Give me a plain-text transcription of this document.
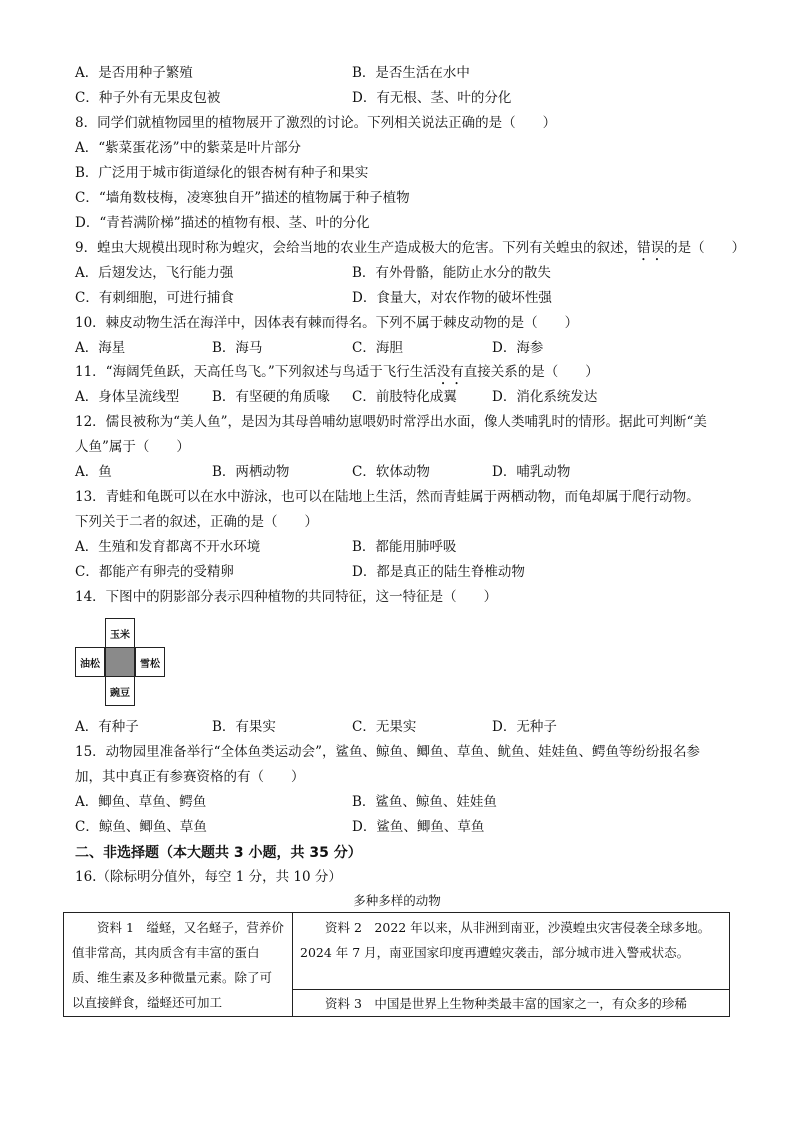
A．是否用种子繁殖	B．是否生活在水中
C．种子外有无果皮包被	D．有无根、茎、叶的分化
8．同学们就植物园里的植物展开了激烈的讨论。下列相关说法正确的是（　　）
A．“紫菜蛋花汤”中的紫菜是叶片部分
B．广泛用于城市街道绿化的银杏树有种子和果实
C．“墙角数枝梅，凌寒独自开”描述的植物属于种子植物
D．“青苔满阶梯”描述的植物有根、茎、叶的分化
9．蝗虫大规模出现时称为蝗灾，会给当地的农业生产造成极大的危害。下列有关蝗虫的叙述，错误的是（　　）
A．后翅发达，飞行能力强	B．有外骨骼，能防止水分的散失
C．有刺细胞，可进行捕食	D．食量大，对农作物的破坏性强
10．棘皮动物生活在海洋中，因体表有棘而得名。下列不属于棘皮动物的是（　　）
A．海星	B．海马	C．海胆	D．海参
11．“海阔凭鱼跃，天高任鸟飞。”下列叙述与鸟适于飞行生活没有直接关系的是（　　）
A．身体呈流线型 B．有坚硬的角质喙 C．前肢特化成翼	D．消化系统发达
12．儒艮被称为“美人鱼”，是因为其母兽哺幼崽喂奶时常浮出水面，像人类哺乳时的情形。据此可判断“美
人鱼”属于（　　）
A．鱼	B．两栖动物	C．软体动物	D．哺乳动物
13．青蛙和龟既可以在水中游泳，也可以在陆地上生活，然而青蛙属于两栖动物，而龟却属于爬行动物。
下列关于二者的叙述，正确的是（　　）
A．生殖和发育都离不开水环境	B．都能用肺呼吸
C．都能产有卵壳的受精卵	D．都是真正的陆生脊椎动物
14．下图中的阴影部分表示四种植物的共同特征，这一特征是（　　）
玉米
油松	雪松
豌豆
A．有种子	B．有果实	C．无果实	D．无种子
15．动物园里准备举行“全体鱼类运动会”，鲨鱼、鲸鱼、鲫鱼、草鱼、鱿鱼、娃娃鱼、鳄鱼等纷纷报名参
加，其中真正有参赛资格的有（　　）
A．鲫鱼、草鱼、鳄鱼	B．鲨鱼、鲸鱼、娃娃鱼
C．鲸鱼、鲫鱼、草鱼	D．鲨鱼、鲫鱼、草鱼
二、非选择题（本大题共 3 小题，共 35 分）
16.（除标明分值外，每空 1 分，共 10 分）
多种多样的动物
资料 1　缢蛏，又名蛏子，营养价值非常高，其肉质含有丰富的蛋白质、维生素及多种微量元素。除了可以直接鲜食，缢蛏还可加工
资料 2　2022 年以来，从非洲到南亚，沙漠蝗虫灾害侵袭全球多地。2024 年 7 月，南亚国家印度再遭蝗灾袭击，部分城市进入警戒状态。
资料 3　中国是世界上生物种类最丰富的国家之一，有众多的珍稀
